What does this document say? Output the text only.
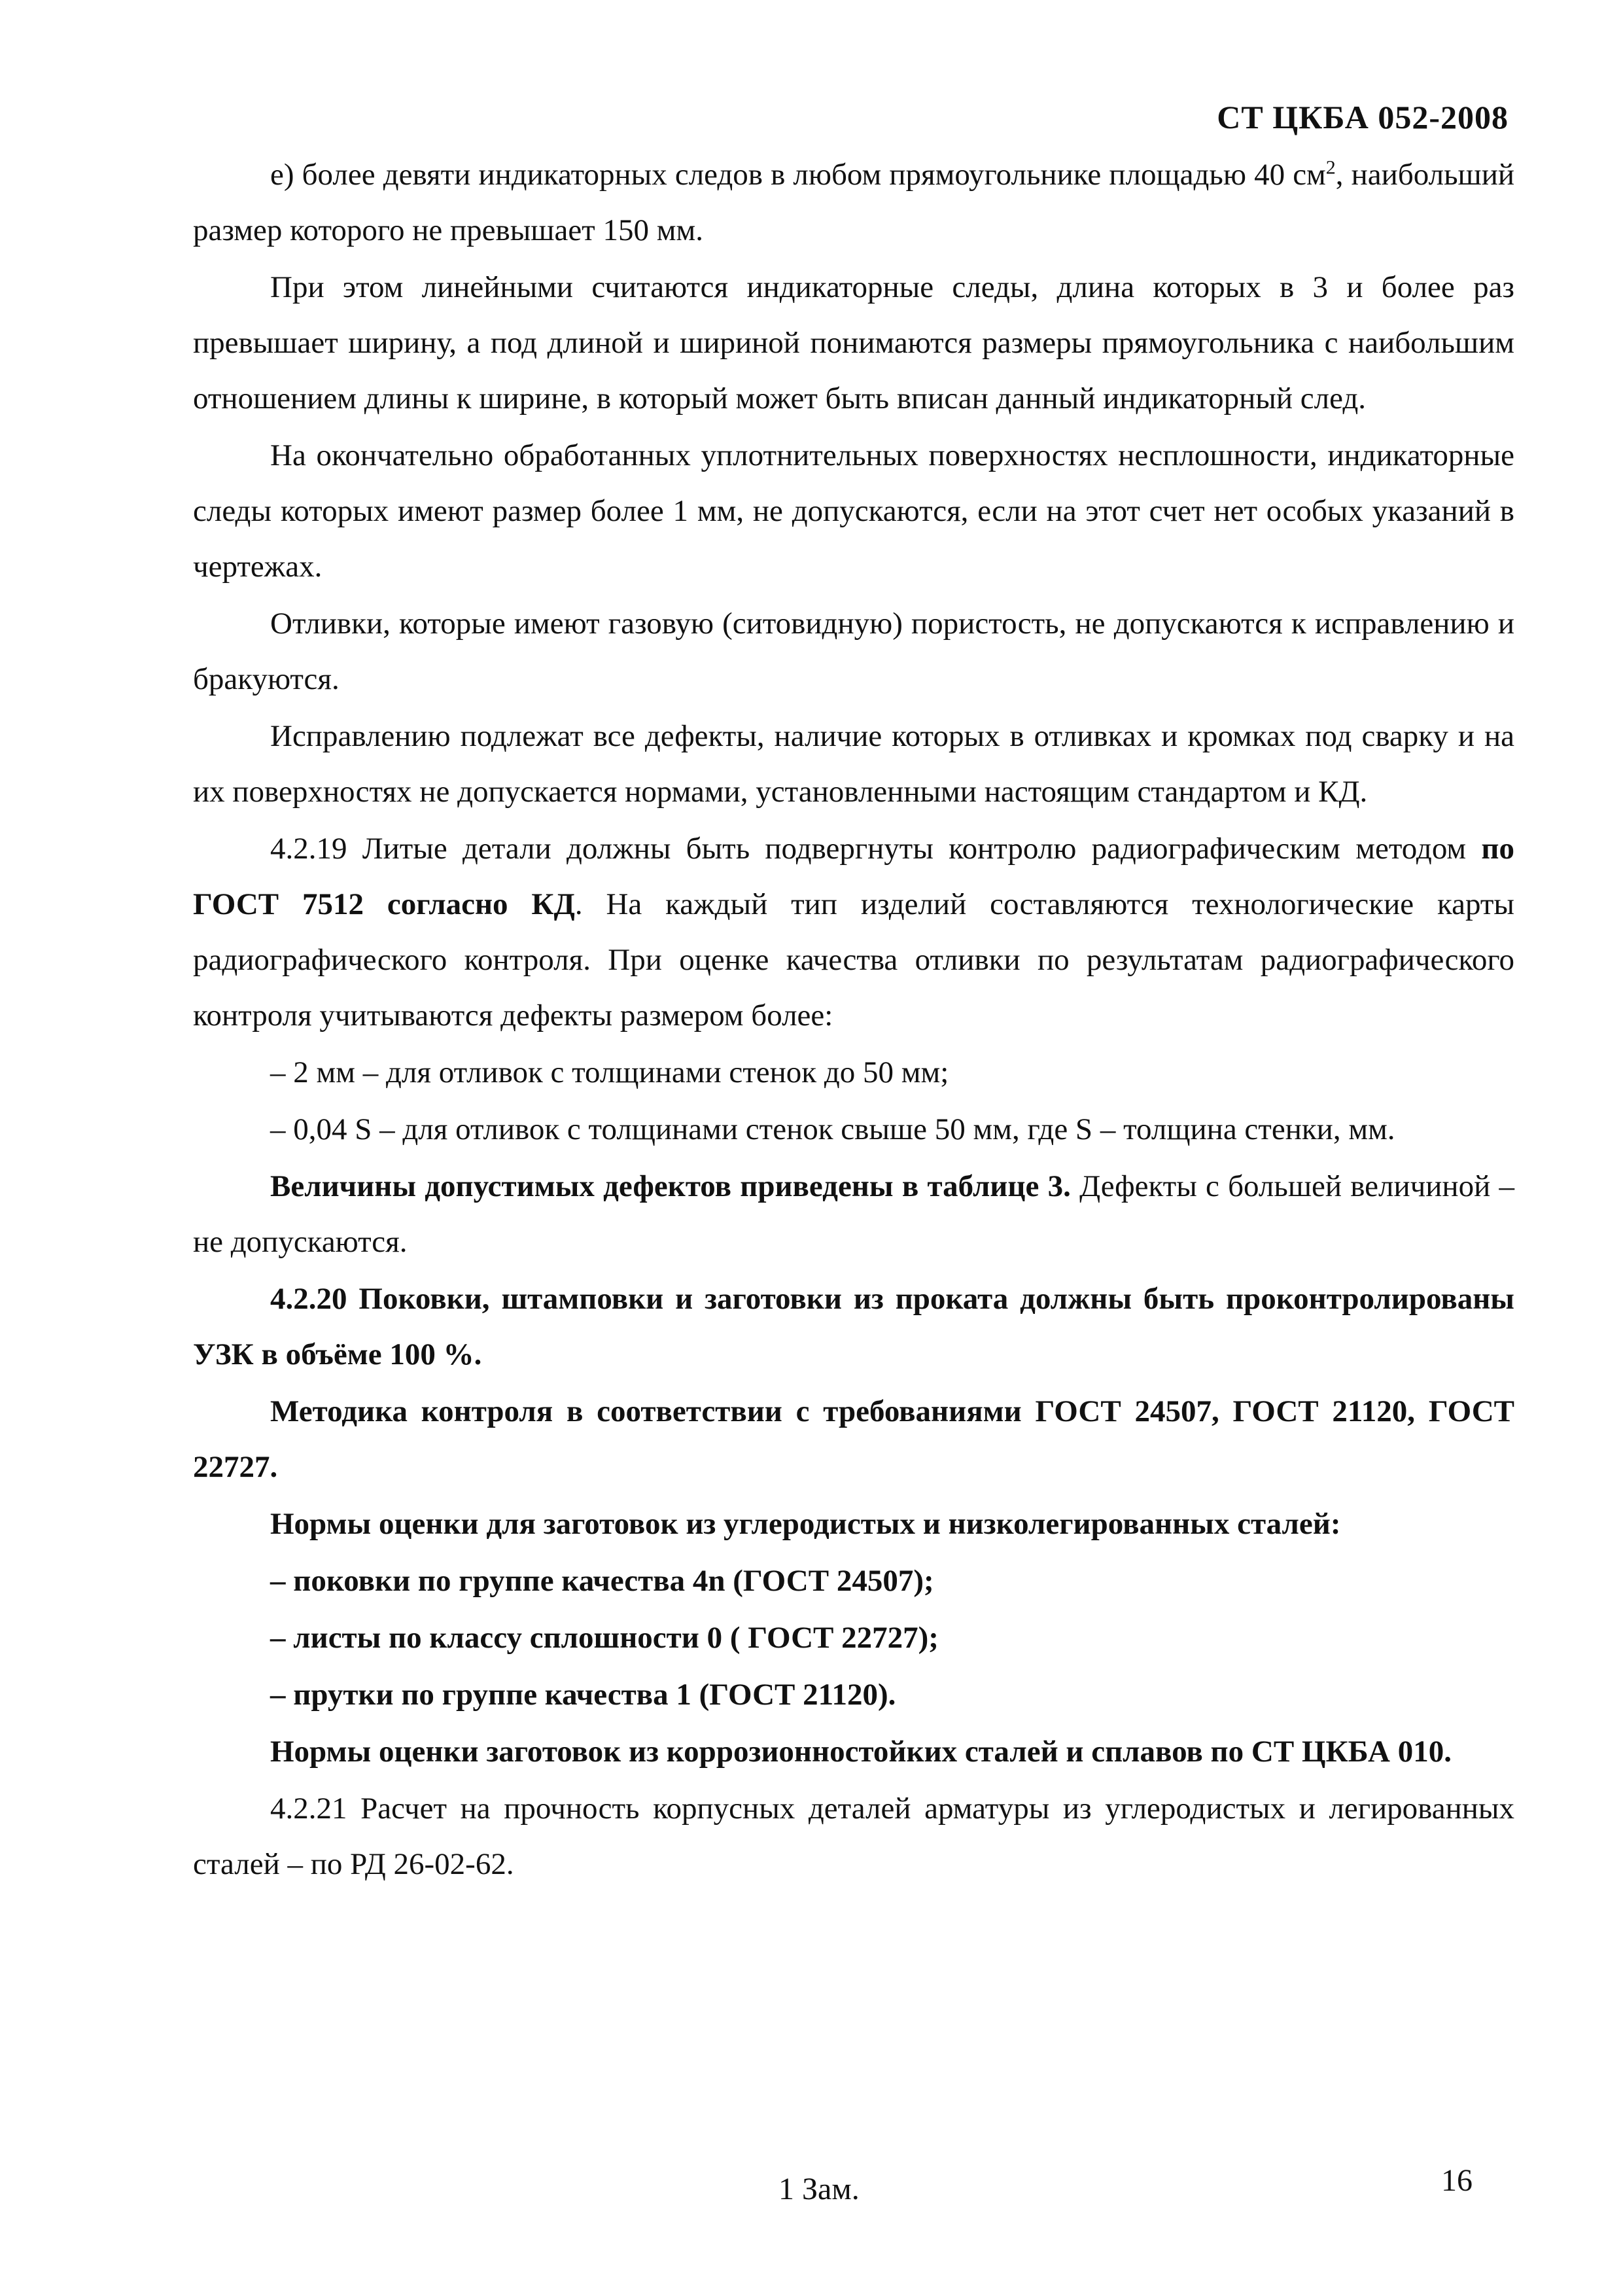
СТ ЦКБА 052-2008

е) более девяти индикаторных следов в любом прямоугольнике площадью 40 $см^2$, наибольший размер которого не превышает 150 мм.

При этом линейными считаются индикаторные следы, длина которых в 3 и более раз превышает ширину, а под длиной и шириной понимаются размеры прямоугольника с наибольшим отношением длины к ширине, в который может быть вписан данный индикаторный след.

На окончательно обработанных уплотнительных поверхностях несплошности, индикаторные следы которых имеют размер более 1 мм, не допускаются, если на этот счет нет особых указаний в чертежах.

Отливки, которые имеют газовую (ситовидную) пористость, не допускаются к исправлению и бракуются.

Исправлению подлежат все дефекты, наличие которых в отливках и кромках под сварку и на их поверхностях не допускается нормами, установленными настоящим стандартом и КД.

4.2.19 Литые детали должны быть подвергнуты контролю радиографическим методом по ГОСТ 7512 согласно КД. На каждый тип изделий составляются технологические карты радиографического контроля. При оценке качества отливки по результатам радиографического контроля учитываются дефекты размером более:

– 2 мм – для отливок с толщинами стенок до 50 мм;

– 0,04 S – для отливок с толщинами стенок свыше 50 мм, где S – толщина стенки, мм.

Величины допустимых дефектов приведены в таблице 3. Дефекты с большей величиной – не допускаются.

4.2.20 Поковки, штамповки и заготовки из проката должны быть проконтролированы УЗК в объёме 100 %.

Методика контроля в соответствии с требованиями ГОСТ 24507, ГОСТ 21120, ГОСТ 22727.

Нормы оценки для заготовок из углеродистых и низколегированных сталей:

– поковки по группе качества 4n (ГОСТ 24507);

– листы по классу сплошности 0 ( ГОСТ 22727);

– прутки по группе качества 1 (ГОСТ 21120).

Нормы оценки заготовок из коррозионностойких сталей и сплавов по СТ ЦКБА 010.

4.2.21 Расчет на прочность корпусных деталей арматуры из углеродистых и легированных сталей – по РД 26-02-62.

1 Зам.	16
